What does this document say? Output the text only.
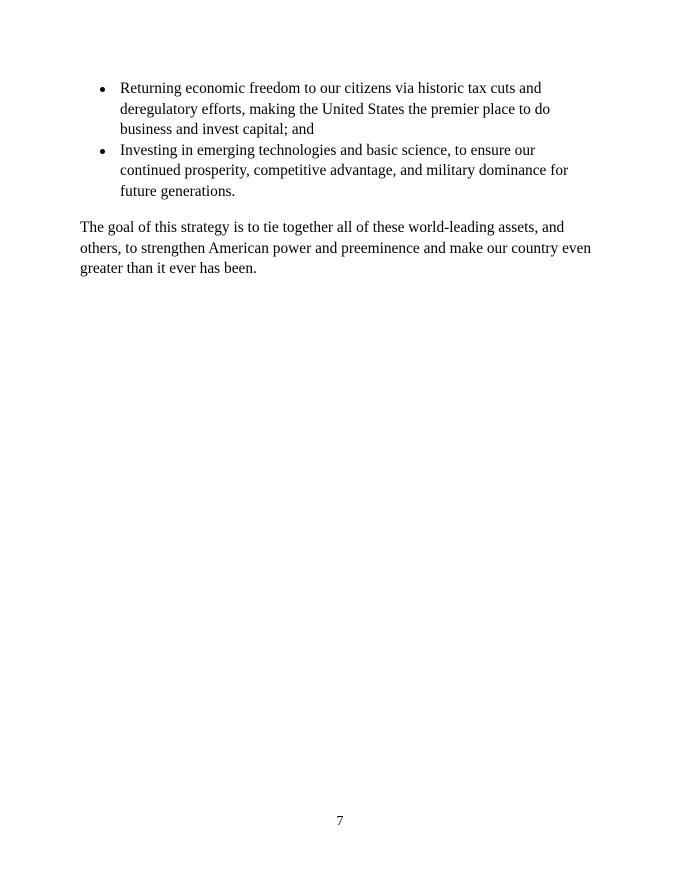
Returning economic freedom to our citizens via historic tax cuts and
deregulatory efforts, making the United States the premier place to do
business and invest capital; and
Investing in emerging technologies and basic science, to ensure our
continued prosperity, competitive advantage, and military dominance for
future generations.

The goal of this strategy is to tie together all of these world-leading assets, and
others, to strengthen American power and preeminence and make our country even
greater than it ever has been.

7
